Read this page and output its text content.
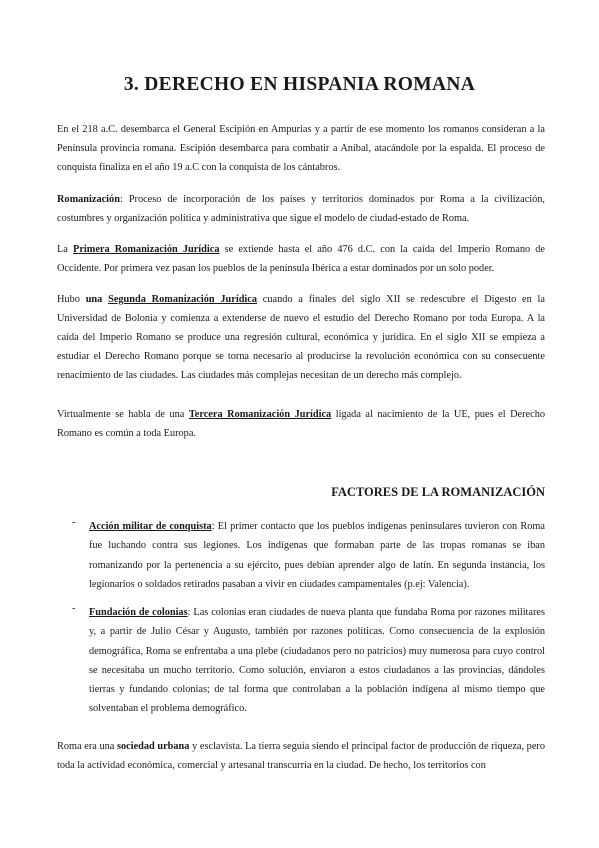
3. DERECHO EN HISPANIA ROMANA

En el 218 a.C. desembarca el General Escipión en Ampurias y a partir de ese momento los romanos consideran a la Península provincia romana. Escipión desembarca para combatir a Aníbal, atacándole por la espalda. El proceso de conquista finaliza en el año 19 a.C con la conquista de los cántabros.

Romanización: Proceso de incorporación de los países y territorios dominados por Roma a la civilización, costumbres y organización política y administrativa que sigue el modelo de ciudad-estado de Roma.

La Primera Romanización Jurídica se extiende hasta el año 476 d.C. con la caída del Imperio Romano de Occidente. Por primera vez pasan los pueblos de la península Ibérica a estar dominados por un solo poder.

Hubo una Segunda Romanización Jurídica cuando a finales del siglo XII se redescubre el Digesto en la Universidad de Bolonia y comienza a extenderse de nuevo el estudio del Derecho Romano por toda Europa. A la caída del Imperio Romano se produce una regresión cultural, económica y jurídica. En el siglo XII se empieza a estudiar el Derecho Romano porque se torna necesario al producirse la revolución económica con su consecuente renacimiento de las ciudades. Las ciudades más complejas necesitan de un derecho más complejo.

Virtualmente se habla de una Tercera Romanización Jurídica ligada al nacimiento de la UE, pues el Derecho Romano es común a toda Europa.

FACTORES DE LA ROMANIZACIÓN
- Acción militar de conquista: El primer contacto que los pueblos indígenas peninsulares tuvieron con Roma fue luchando contra sus legiones. Los indígenas que formaban parte de las tropas romanas se iban romanizando por la pertenencia a su ejército, pues debían aprender algo de latín. En segunda instancia, los legionarios o soldados retirados pasaban a vivir en ciudades campamentales (p.ej: Valencia).
- Fundación de colonias: Las colonias eran ciudades de nueva planta que fundaba Roma por razones militares y, a partir de Julio César y Augusto, también por razones políticas. Como consecuencia de la explosión demográfica, Roma se enfrentaba a una plebe (ciudadanos pero no patricios) muy numerosa para cuyo control se necesitaba un mucho territorio. Como solución, enviaron a estos ciudadanos a las provincias, dándoles tierras y fundando colonias; de tal forma que controlaban a la población indígena al mismo tiempo que solventaban el problema demográfico.

Roma era una sociedad urbana y esclavista. La tierra seguía siendo el principal factor de producción de riqueza, pero toda la actividad económica, comercial y artesanal transcurría en la ciudad. De hecho, los territorios con
